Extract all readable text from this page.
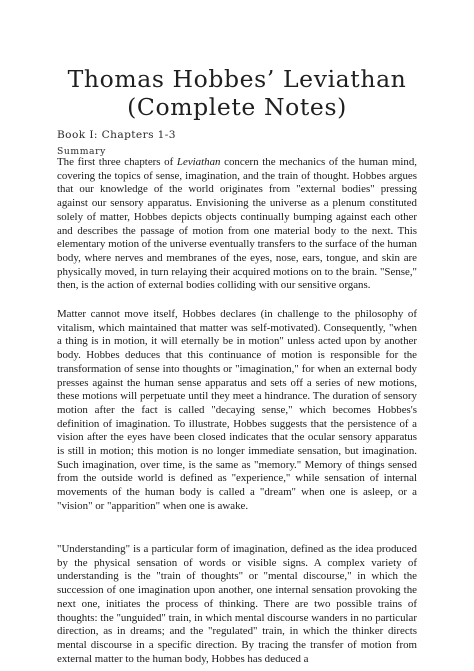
Thomas Hobbes’ Leviathan
(Complete Notes)
Book I: Chapters 1-3
Summary

The first three chapters of Leviathan concern the mechanics of the human mind, covering the topics of sense, imagination, and the train of thought. Hobbes argues that our knowledge of the world originates from "external bodies" pressing against our sensory apparatus. Envisioning the universe as a plenum constituted solely of matter, Hobbes depicts objects continually bumping against each other and describes the passage of motion from one material body to the next. This elementary motion of the universe eventually transfers to the surface of the human body, where nerves and membranes of the eyes, nose, ears, tongue, and skin are physically moved, in turn relaying their acquired motions on to the brain. "Sense," then, is the action of external bodies colliding with our sensitive organs.

Matter cannot move itself, Hobbes declares (in challenge to the philosophy of vitalism, which maintained that matter was self-motivated). Consequently, "when a thing is in motion, it will eternally be in motion" unless acted upon by another body. Hobbes deduces that this continuance of motion is responsible for the transformation of sense into thoughts or "imagination," for when an external body presses against the human sense apparatus and sets off a series of new motions, these motions will perpetuate until they meet a hindrance. The duration of sensory motion after the fact is called "decaying sense," which becomes Hobbes's definition of imagination. To illustrate, Hobbes suggests that the persistence of a vision after the eyes have been closed indicates that the ocular sensory apparatus is still in motion; this motion is no longer immediate sensation, but imagination. Such imagination, over time, is the same as "memory." Memory of things sensed from the outside world is defined as "experience," while sensation of internal movements of the human body is called a "dream" when one is asleep, or a "vision" or "apparition" when one is awake.

"Understanding" is a particular form of imagination, defined as the idea produced by the physical sensation of words or visible signs. A complex variety of understanding is the "train of thoughts" or "mental discourse," in which the succession of one imagination upon another, one internal sensation provoking the next one, initiates the process of thinking. There are two possible trains of thoughts: the "unguided" train, in which mental discourse wanders in no particular direction, as in dreams; and the "regulated" train, in which the thinker directs mental discourse in a specific direction. By tracing the transfer of motion from external matter to the human body, Hobbes has deduced a
